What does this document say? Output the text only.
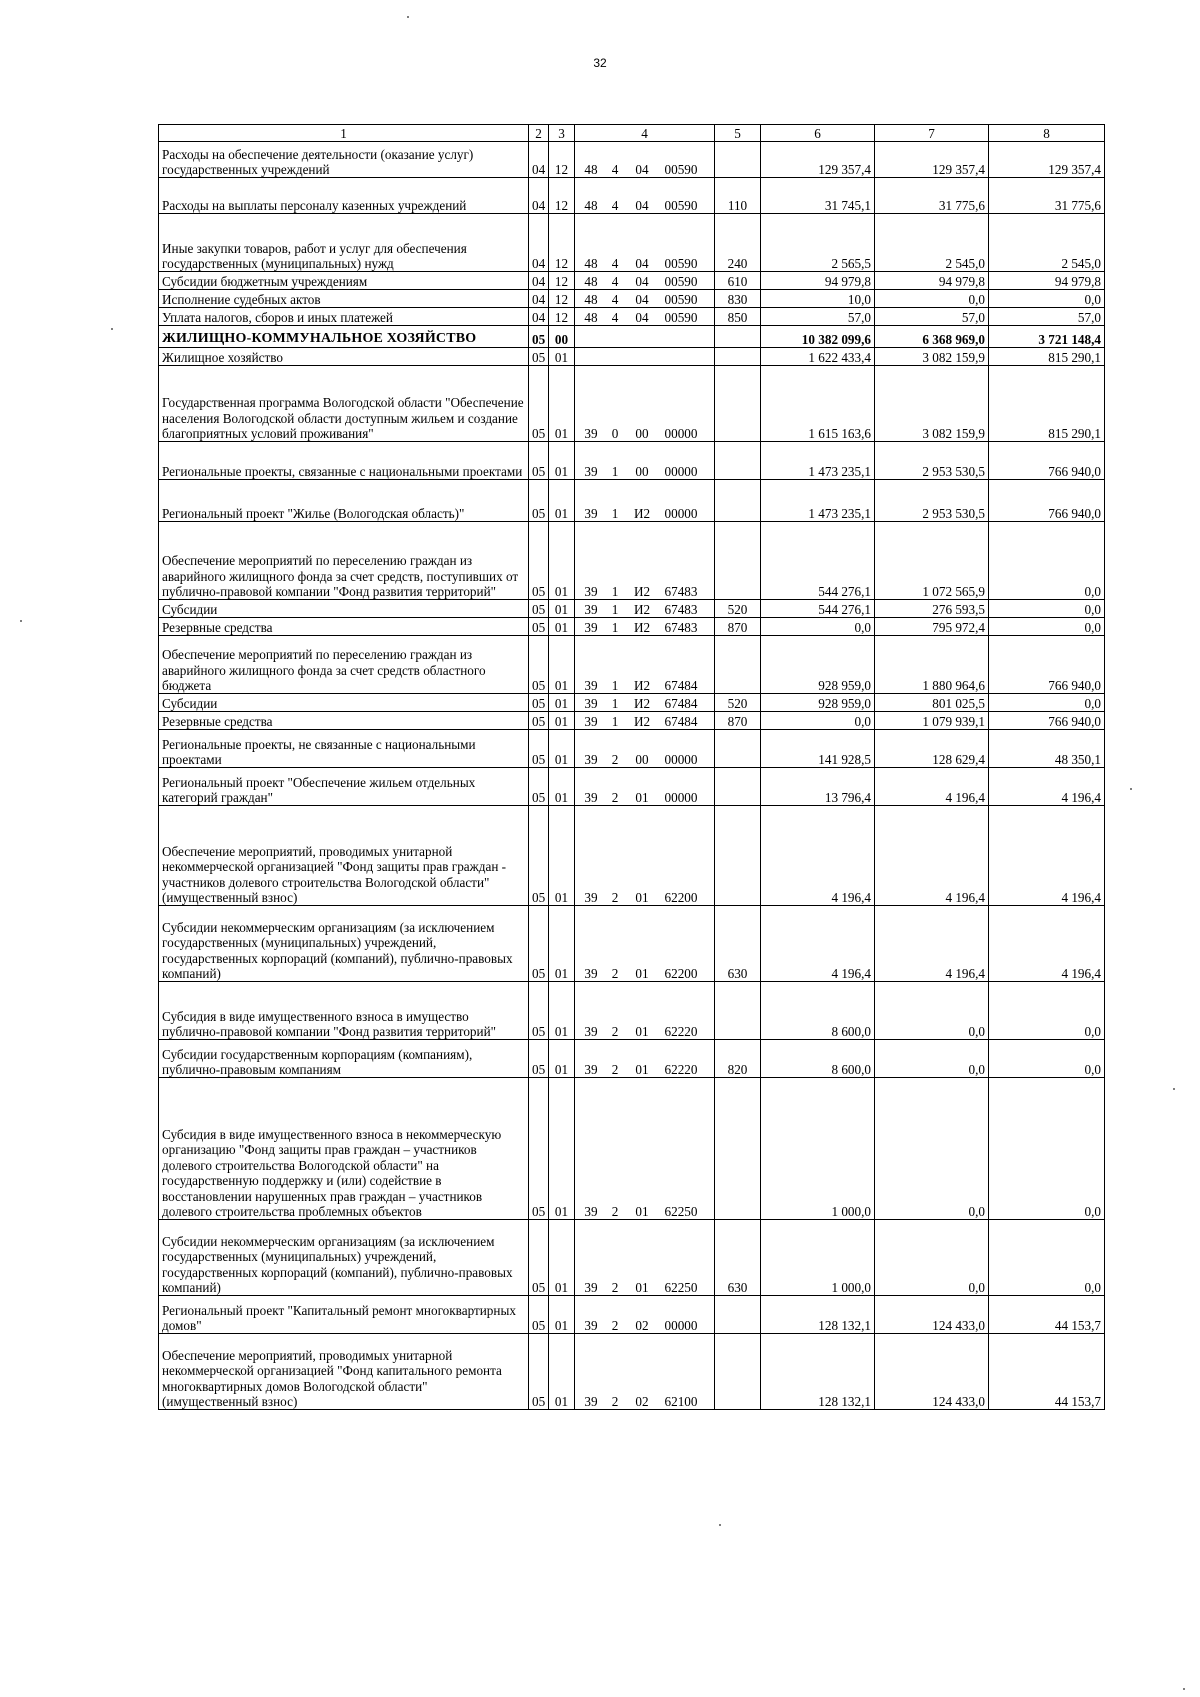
32
1	2	3	4	5	6	7	8
Расходы на обеспечение деятельности (оказание услуг) государственных учреждений	04	12	48 4 04 00590		129 357,4	129 357,4	129 357,4
Расходы на выплаты персоналу казенных учреждений	04	12	48 4 04 00590	110	31 745,1	31 775,6	31 775,6
Иные закупки товаров, работ и услуг для обеспечения государственных (муниципальных) нужд	04	12	48 4 04 00590	240	2 565,5	2 545,0	2 545,0
Субсидии бюджетным учреждениям	04	12	48 4 04 00590	610	94 979,8	94 979,8	94 979,8
Исполнение судебных актов	04	12	48 4 04 00590	830	10,0	0,0	0,0
Уплата налогов, сборов и иных платежей	04	12	48 4 04 00590	850	57,0	57,0	57,0
ЖИЛИЩНО-КОММУНАЛЬНОЕ ХОЗЯЙСТВО	05	00			10 382 099,6	6 368 969,0	3 721 148,4
Жилищное хозяйство	05	01			1 622 433,4	3 082 159,9	815 290,1
Государственная программа Вологодской области "Обеспечение населения Вологодской области доступным жильем и создание благоприятных условий проживания"	05	01	39 0 00 00000		1 615 163,6	3 082 159,9	815 290,1
Региональные проекты, связанные с национальными проектами	05	01	39 1 00 00000		1 473 235,1	2 953 530,5	766 940,0
Региональный проект "Жилье (Вологодская область)"	05	01	39 1 И2 00000		1 473 235,1	2 953 530,5	766 940,0
Обеспечение мероприятий по переселению граждан из аварийного жилищного фонда за счет средств, поступивших от публично-правовой компании "Фонд развития территорий"	05	01	39 1 И2 67483		544 276,1	1 072 565,9	0,0
Субсидии	05	01	39 1 И2 67483	520	544 276,1	276 593,5	0,0
Резервные средства	05	01	39 1 И2 67483	870	0,0	795 972,4	0,0
Обеспечение мероприятий по переселению граждан из аварийного жилищного фонда за счет средств областного бюджета	05	01	39 1 И2 67484		928 959,0	1 880 964,6	766 940,0
Субсидии	05	01	39 1 И2 67484	520	928 959,0	801 025,5	0,0
Резервные средства	05	01	39 1 И2 67484	870	0,0	1 079 939,1	766 940,0
Региональные проекты, не связанные с национальными проектами	05	01	39 2 00 00000		141 928,5	128 629,4	48 350,1
Региональный проект "Обеспечение жильем отдельных категорий граждан"	05	01	39 2 01 00000		13 796,4	4 196,4	4 196,4
Обеспечение мероприятий, проводимых унитарной некоммерческой организацией "Фонд защиты прав граждан - участников долевого строительства Вологодской области" (имущественный взнос)	05	01	39 2 01 62200		4 196,4	4 196,4	4 196,4
Субсидии некоммерческим организациям (за исключением государственных (муниципальных) учреждений, государственных корпораций (компаний), публично-правовых компаний)	05	01	39 2 01 62200	630	4 196,4	4 196,4	4 196,4
Субсидия в виде имущественного взноса в имущество публично-правовой компании "Фонд развития территорий"	05	01	39 2 01 62220		8 600,0	0,0	0,0
Субсидии государственным корпорациям (компаниям), публично-правовым компаниям	05	01	39 2 01 62220	820	8 600,0	0,0	0,0
Субсидия в виде имущественного взноса в некоммерческую организацию "Фонд защиты прав граждан – участников долевого строительства Вологодской области" на государственную поддержку и (или) содействие в восстановлении нарушенных прав граждан – участников долевого строительства проблемных объектов	05	01	39 2 01 62250		1 000,0	0,0	0,0
Субсидии некоммерческим организациям (за исключением государственных (муниципальных) учреждений, государственных корпораций (компаний), публично-правовых компаний)	05	01	39 2 01 62250	630	1 000,0	0,0	0,0
Региональный проект "Капитальный ремонт многоквартирных домов"	05	01	39 2 02 00000		128 132,1	124 433,0	44 153,7
Обеспечение мероприятий, проводимых унитарной некоммерческой организацией "Фонд капитального ремонта многоквартирных домов Вологодской области" (имущественный взнос)	05	01	39 2 02 62100		128 132,1	124 433,0	44 153,7
